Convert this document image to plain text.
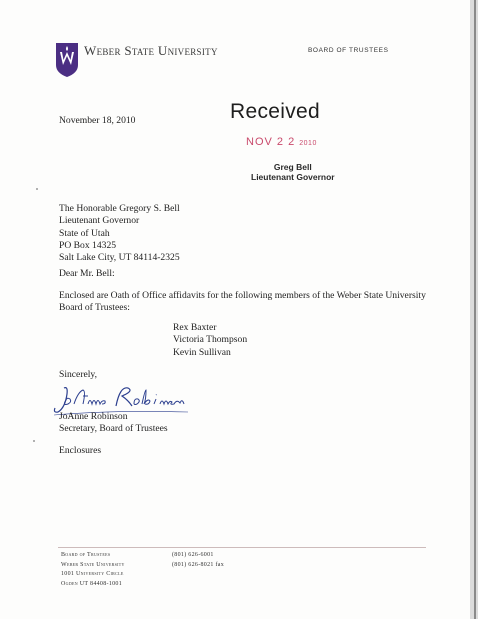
Weber State University	BOARD OF TRUSTEES
November 18, 2010	Received
NOV 2 2 2010
Greg Bell
Lieutenant Governor
The Honorable Gregory S. Bell
Lieutenant Governor
State of Utah
PO Box 14325
Salt Lake City, UT 84114-2325
Dear Mr. Bell:
Enclosed are Oath of Office affidavits for the following members of the Weber State University
Board of Trustees:
Rex Baxter
Victoria Thompson
Kevin Sullivan
Sincerely,
JoAnne Robinson
Secretary, Board of Trustees
Enclosures
Board of Trustees
Weber State University
1001 University Circle
Ogden UT 84408-1001
(801) 626-6001
(801) 626-8021 fax
